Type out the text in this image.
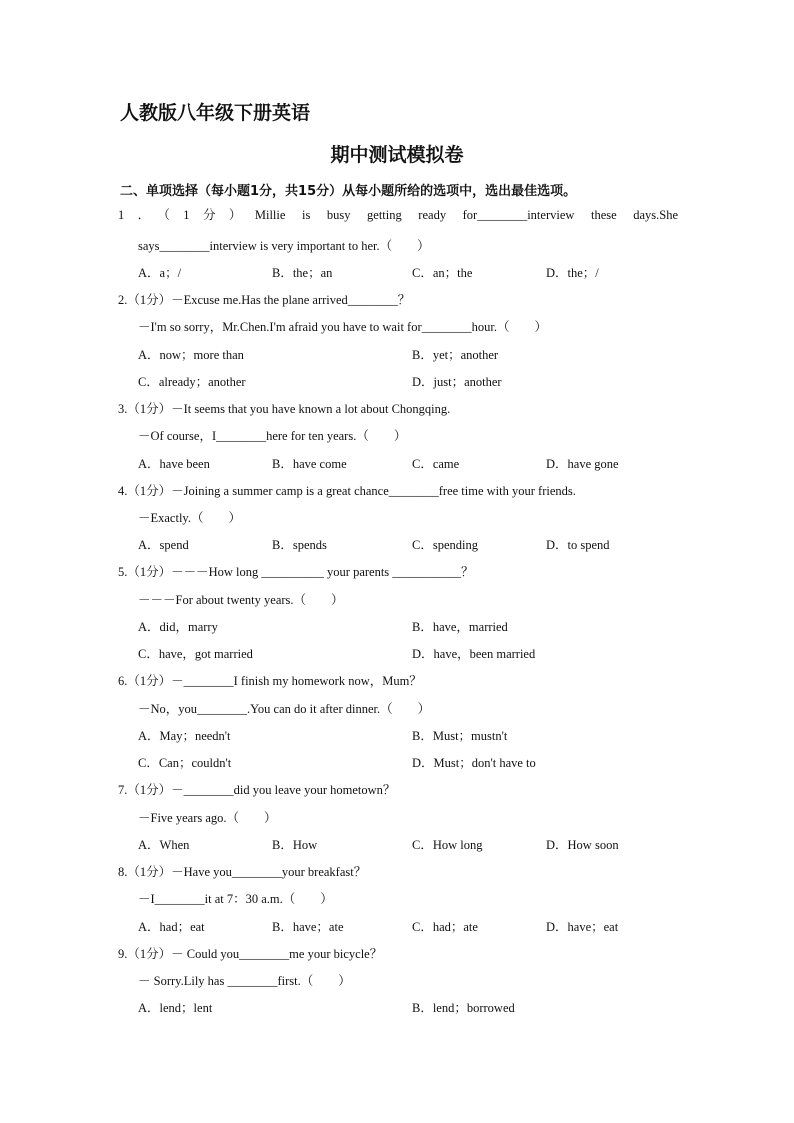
人教版八年级下册英语
期中测试模拟卷
二、单项选择（每小题1分，共15分）从每小题所给的选项中，选出最佳选项。
1．（1分）Millie is busy getting ready for________interview these days.She
says________interview is very important to her.（　　）
A．a；/	B．the；an	C．an；the	D．the；/
2.（1分）－Excuse me.Has the plane arrived________？
－I'm so sorry，Mr.Chen.I'm afraid you have to wait for________hour.（　　）
A．now；more than	B．yet；another
C．already；another	D．just；another
3.（1分）－It seems that you have known a lot about Chongqing.
－Of course，I________here for ten years.（　　）
A．have been	B．have come	C．came	D．have gone
4.（1分）－Joining a summer camp is a great chance________free time with your friends.
－Exactly.（　　）
A．spend	B．spends	C．spending	D．to spend
5.（1分）－－－How long __________ your parents ___________？
－－－For about twenty years.（　　）
A．did，marry	B．have，married
C．have，got married	D．have，been married
6.（1分）－________I finish my homework now，Mum？
－No，you________.You can do it after dinner.（　　）
A．May；needn't	B．Must；mustn't
C．Can；couldn't	D．Must；don't have to
7.（1分）－________did you leave your hometown？
－Five years ago.（　　）
A．When	B．How	C．How long	D．How soon
8.（1分）－Have you________your breakfast？
－I________it at 7：30 a.m.（　　）
A．had；eat	B．have；ate	C．had；ate	D．have；eat
9.（1分）－ Could you________me your bicycle？
－ Sorry.Lily has ________first.（　　）
A．lend；lent	B．lend；borrowed
